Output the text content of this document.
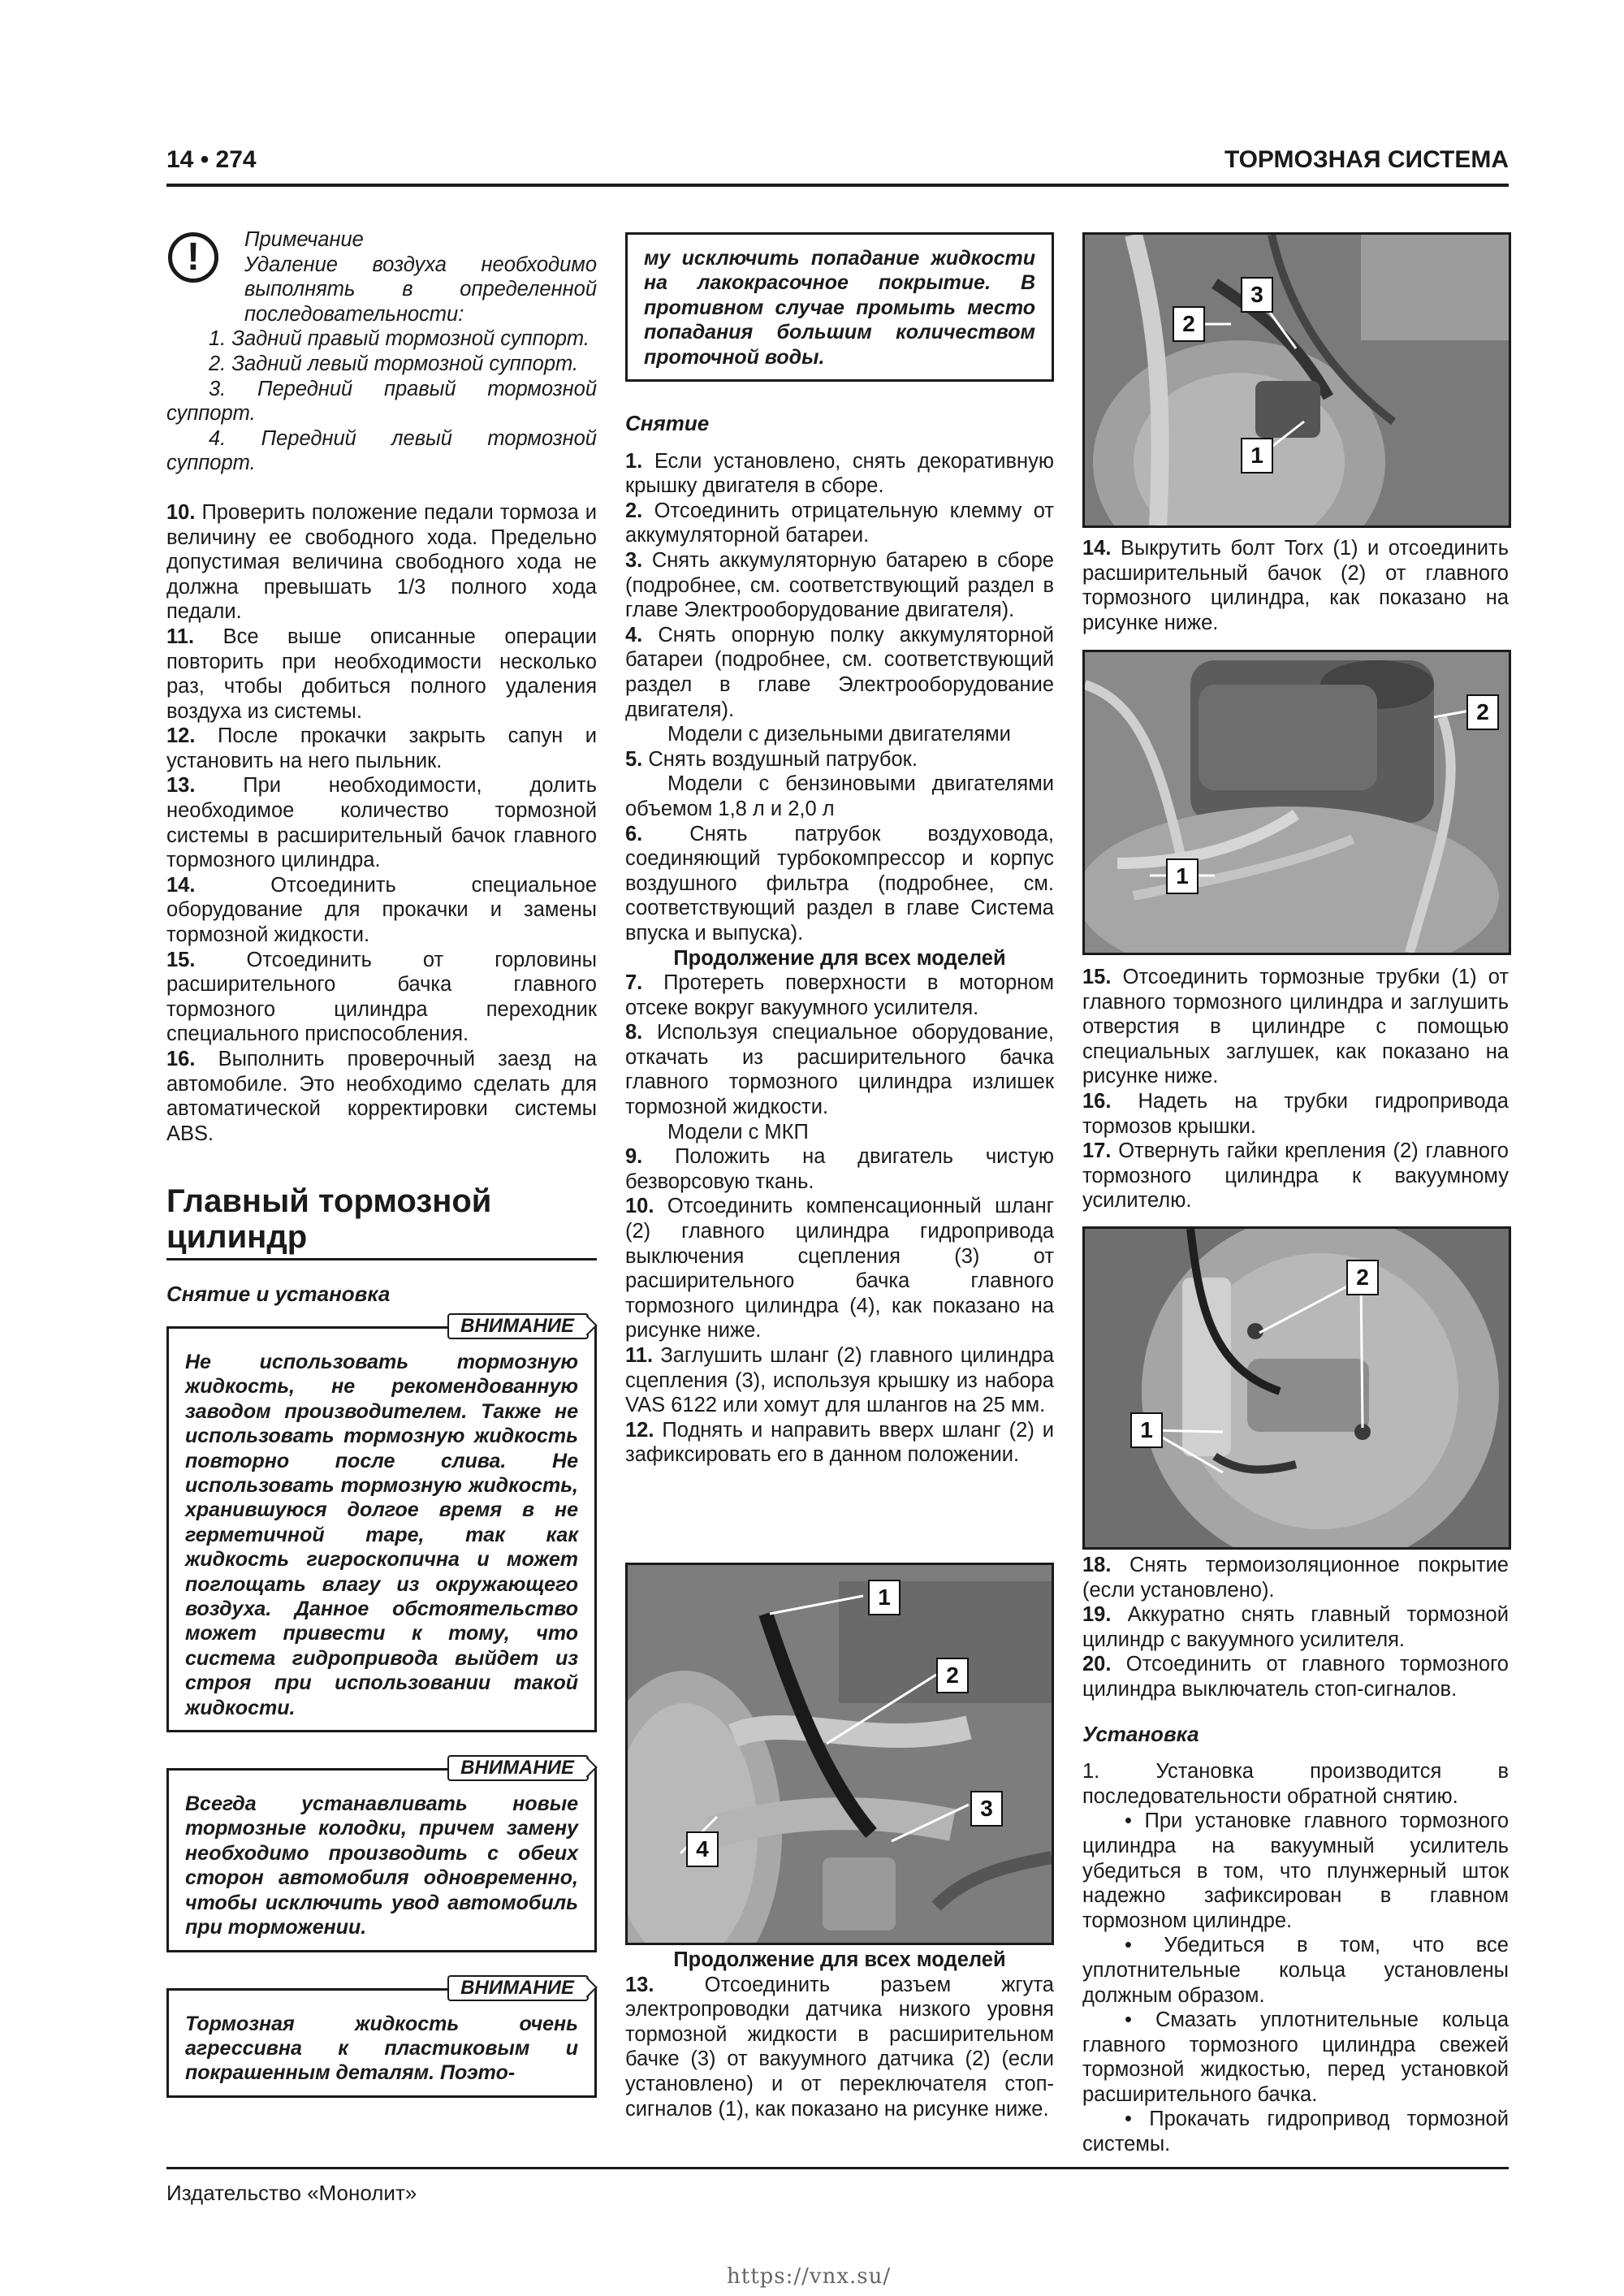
14 • 274	ТОРМОЗНАЯ СИСТЕМА
!	Примечание

Удаление воздуха необходимо выполнять в определенной последовательности:

1. Задний правый тормозной суппорт.

2. Задний левый тормозной суппорт.

3. Передний правый тормозной суппорт.

4. Передний левый тормозной суппорт.

10. Проверить положение педали тормоза и величину ее свободного хода. Предельно допустимая величина свободного хода не должна превышать 1/3 полного хода педали.

11. Все выше описанные операции повторить при необходимости несколько раз, чтобы добиться полного удаления воздуха из системы.

12. После прокачки закрыть сапун и установить на него пыльник.

13. При необходимости, долить необходимое количество тормозной системы в расширительный бачок главного тормозного цилиндра.

14.	Отсоединить специальное оборудование для прокачки и замены тормозной жидкости.

15. Отсоединить от горловины расширительного бачка главного тормозного цилиндра переходник специального приспособления.

16. Выполнить проверочный заезд на автомобиле. Это необходимо сделать для автоматической корректировки системы ABS.

Главный тормозной

цилиндр

Снятие и установка

ВНИМАНИЕ
Не использовать тормозную жидкость, не рекомендованную заводом производителем. Также не использовать тормозную жидкость повторно после слива. Не использовать тормозную жидкость, хранившуюся долгое время в не герметичной таре, так как жидкость гигроскопична и может поглощать влагу из окружающего воздуха. Данное обстоятельство может привести к тому, что система гидропривода выйдет из строя при использовании такой жидкости.
ВНИМАНИЕ
Всегда устанавливать новые тормозные колодки, причем замену необходимо производить с обеих сторон автомобиля одновременно, чтобы исключить увод автомобиль при торможении.
ВНИМАНИЕ
Тормозная жидкость очень агрессивна к пластиковым и покрашенным деталям. Поэто-
му исключить попадание жидкости на лакокрасочное покрытие. В противном случае промыть место попадания большим количеством проточной воды.

Снятие

1. Если установлено, снять декоративную крышку двигателя в сборе.

2. Отсоединить отрицательную клемму от аккумуляторной батареи.

3. Снять аккумуляторную батарею в сборе (подробнее, см. соответствующий раздел в главе Электрооборудование двигателя).

4. Снять опорную полку аккумуляторной батареи (подробнее, см. соответствующий раздел в главе Электрооборудование двигателя).

Модели с дизельными двигателями

5. Снять воздушный патрубок.

Модели с бензиновыми двигателями объемом 1,8 л и 2,0 л

6. Снять патрубок воздуховода, соединяющий турбокомпрессор и корпус воздушного фильтра (подробнее, см. соответствующий раздел в главе Система впуска и выпуска).

Продолжение для всех моделей

7. Протереть поверхности в моторном отсеке вокруг вакуумного усилителя.

8. Используя специальное оборудование, откачать из расширительного бачка главного тормозного цилиндра излишек тормозной жидкости.

Модели с МКП

9. Положить на двигатель чистую безворсовую ткань.

10. Отсоединить компенсационный шланг (2) главного цилиндра гидропривода выключения сцепления (3) от расширительного бачка главного тормозного цилиндра (4), как показано на рисунке ниже.

11. Заглушить шланг (2) главного цилиндра сцепления (3), используя крышку из набора VAS 6122 или хомут для шлангов на 25 мм.

12. Поднять и направить вверх шланг (2) и зафиксировать его в данном положении.

1
2
3
4

Продолжение для всех моделей

13. Отсоединить разъем жгута электропроводки датчика низкого уровня тормозной жидкости в расширительном бачке (3) от вакуумного датчика (2) (если установлено) и от переключателя стоп-сигналов (1), как показано на рисунке ниже.

2
3
1

14. Выкрутить болт Torx (1) и отсоединить расширительный бачок (2) от главного тормозного цилиндра, как показано на рисунке ниже.

1
2

15. Отсоединить тормозные трубки (1) от главного тормозного цилиндра и заглушить отверстия в цилиндре с помощью специальных заглушек, как показано на рисунке ниже.

16. Надеть на трубки гидропривода тормозов крышки.

17. Отвернуть гайки крепления (2) главного тормозного цилиндра к вакуумному усилителю.

1
2

18. Снять термоизоляционное покрытие (если установлено).

19. Аккуратно снять главный тормозной цилиндр с вакуумного усилителя.

20. Отсоединить от главного тормозного цилиндра выключатель стоп-сигналов.

Установка

1. Установка производится в последовательности обратной снятию.

• При установке главного тормозного цилиндра на вакуумный усилитель убедиться в том, что плунжерный шток надежно зафиксирован в главном тормозном цилиндре.

• Убедиться в том, что все уплотнительные кольца установлены должным образом.

• Смазать уплотнительные кольца главного тормозного цилиндра свежей тормозной жидкостью, перед установкой расширительного бачка.

• Прокачать гидропривод тормозной системы.

Издательство «Монолит»
https://vnx.su/
